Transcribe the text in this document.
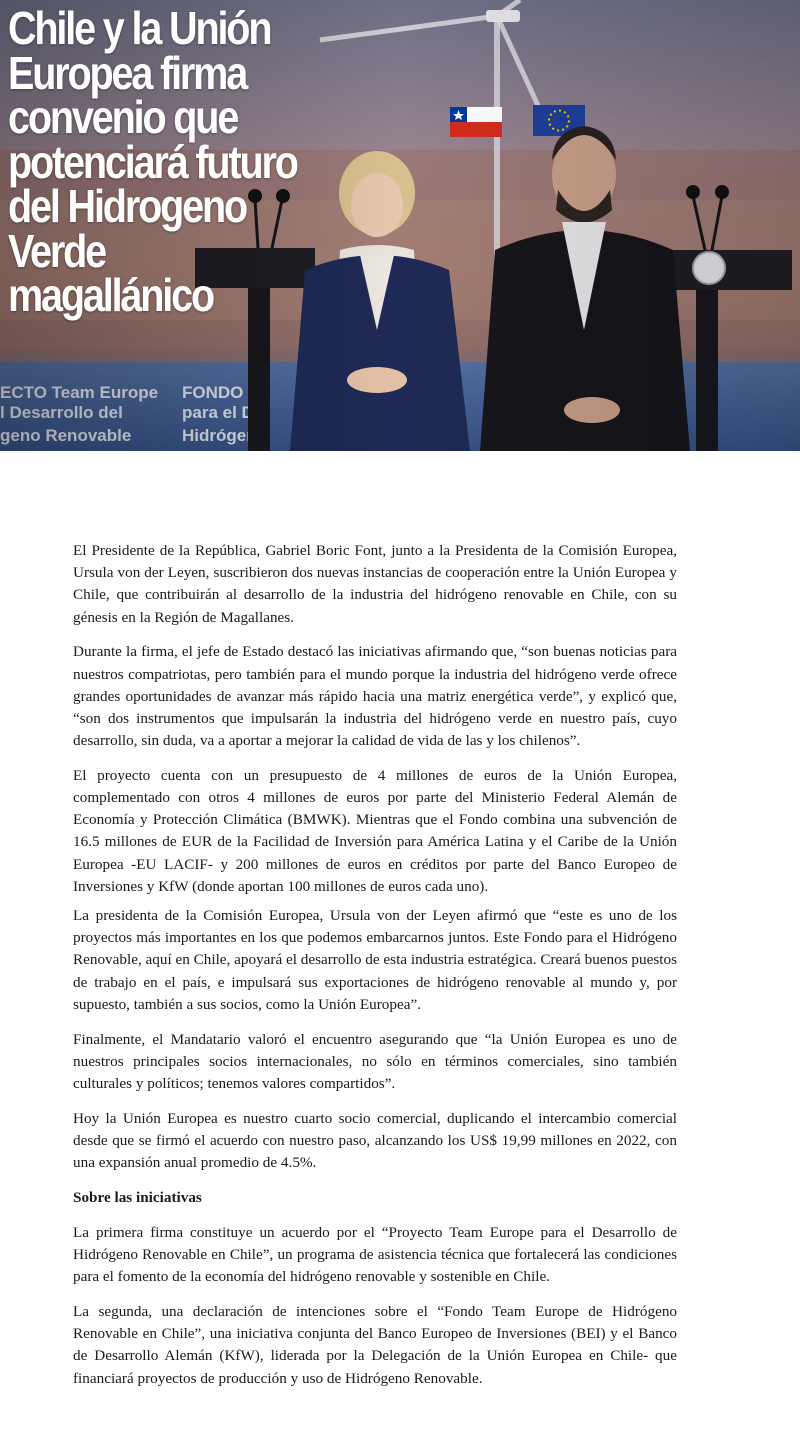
Chile y la Unión Europea firma convenio que potenciará futuro del Hidrogeno Verde magallánico

El Presidente de la República, Gabriel Boric Font, junto a la Presidenta de la Comisión Europea, Ursula von der Leyen, suscribieron dos nuevas instancias de cooperación entre la Unión Europea y Chile, que contribuirán al desarrollo de la industria del hidrógeno renovable en Chile, con su génesis en la Región de Magallanes.

Durante la firma, el jefe de Estado destacó las iniciativas afirmando que, “son buenas noticias para nuestros compatriotas, pero también para el mundo porque la industria del hidrógeno verde ofrece grandes oportunidades de avanzar más rápido hacia una matriz energética verde”, y explicó que, “son dos instrumentos que impulsarán la industria del hidrógeno verde en nuestro país, cuyo desarrollo, sin duda, va a aportar a mejorar la calidad de vida de las y los chilenos”.

El proyecto cuenta con un presupuesto de 4 millones de euros de la Unión Europea, complementado con otros 4 millones de euros por parte del Ministerio Federal Alemán de Economía y Protección Climática (BMWK). Mientras que el Fondo combina una subvención de 16.5 millones de EUR de la Facilidad de Inversión para América Latina y el Caribe de la Unión Europea -EU LACIF- y 200 millones de euros en créditos por parte del Banco Europeo de Inversiones y KfW (donde aportan 100 millones de euros cada uno).

La presidenta de la Comisión Europea, Ursula von der Leyen afirmó que “este es uno de los proyectos más importantes en los que podemos embarcarnos juntos. Este Fondo para el Hidrógeno Renovable, aquí en Chile, apoyará el desarrollo de esta industria estratégica. Creará buenos puestos de trabajo en el país, e impulsará sus exportaciones de hidrógeno renovable al mundo y, por supuesto, también a sus socios, como la Unión Europea”.

Finalmente, el Mandatario valoró el encuentro asegurando que “la Unión Europea es uno de nuestros principales socios internacionales, no sólo en términos comerciales, sino también culturales y políticos; tenemos valores compartidos”.

Hoy la Unión Europea es nuestro cuarto socio comercial, duplicando el intercambio comercial desde que se firmó el acuerdo con nuestro paso, alcanzando los US$ 19,99 millones en 2022, con una expansión anual promedio de 4.5%.

Sobre las iniciativas

La primera firma constituye un acuerdo por el “Proyecto Team Europe para el Desarrollo de Hidrógeno Renovable en Chile”, un programa de asistencia técnica que fortalecerá las condiciones para el fomento de la economía del hidrógeno renovable y sostenible en Chile.

La segunda, una declaración de intenciones sobre el “Fondo Team Europe de Hidrógeno Renovable en Chile”, una iniciativa conjunta del Banco Europeo de Inversiones (BEI) y el Banco de Desarrollo Alemán (KfW), liderada por la Delegación de la Unión Europea en Chile- que financiará proyectos de producción y uso de Hidrógeno Renovable.
